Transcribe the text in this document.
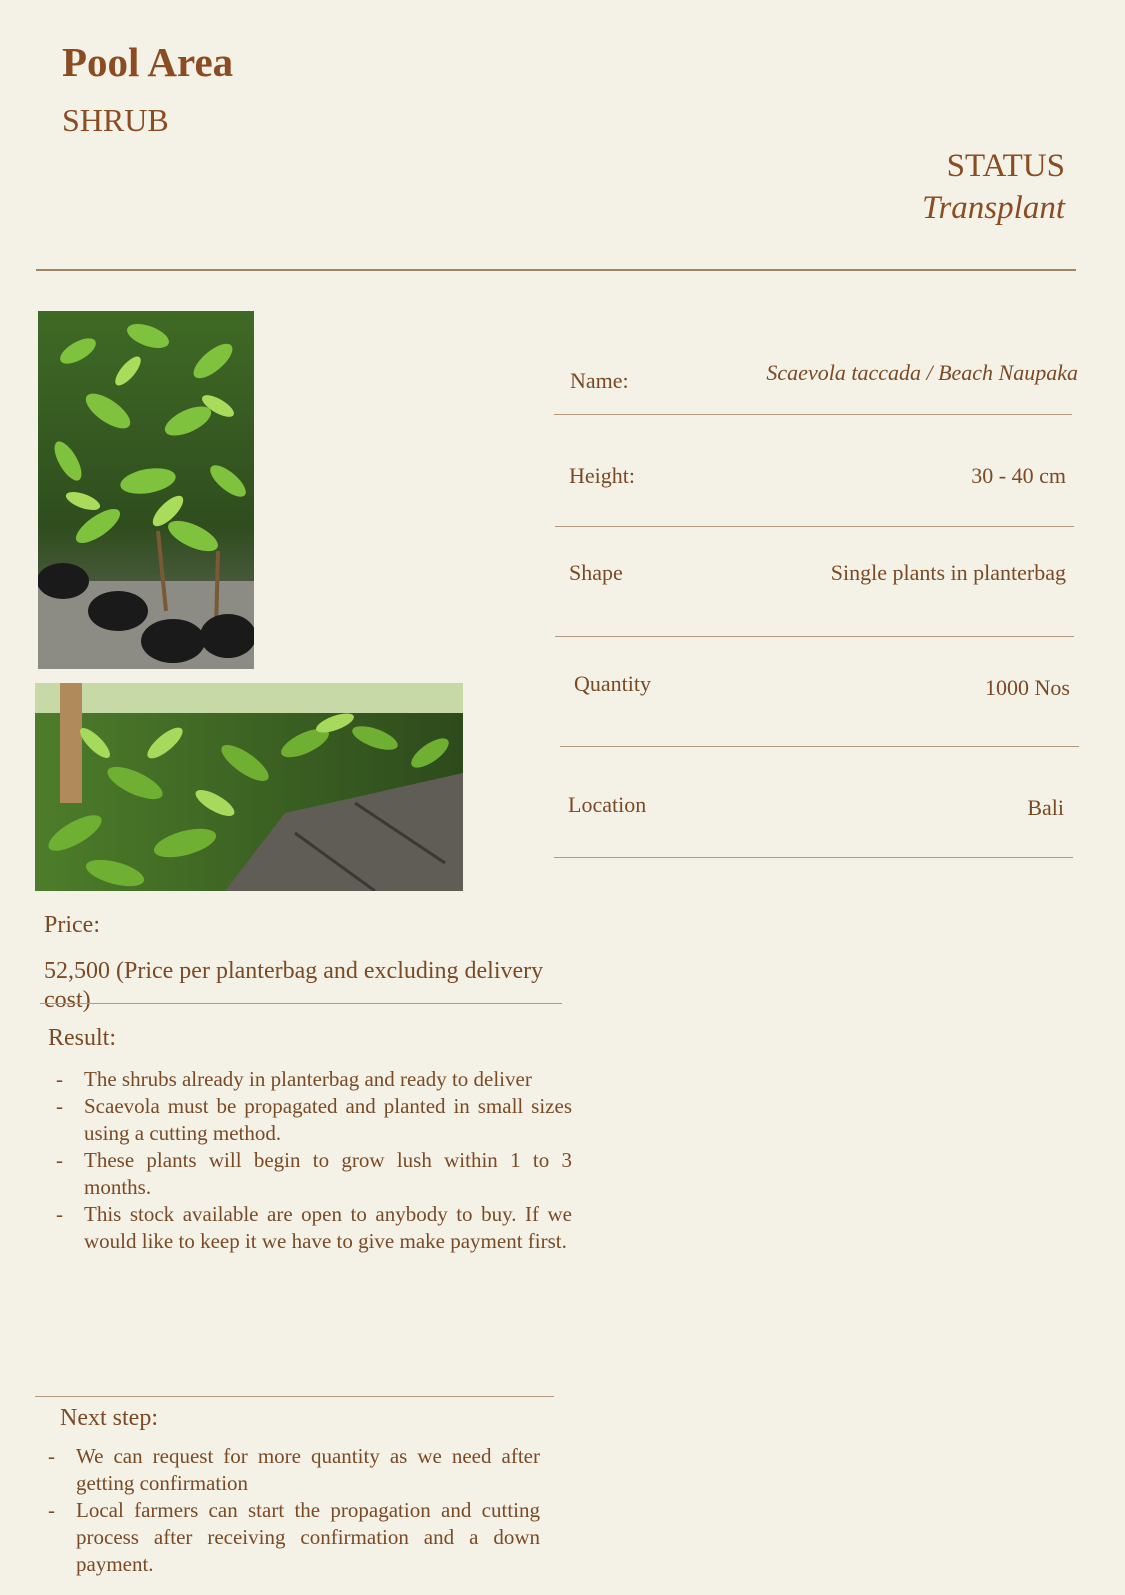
Pool Area
SHRUB
STATUS
Transplant
Name:	Scaevola taccada / Beach Naupaka
Height:	30 - 40 cm
Shape	Single plants in planterbag
Quantity	1000 Nos
Location	Bali
Price:
52,500 (Price per planterbag and excluding delivery cost)
Result:
- The shrubs already in planterbag and ready to deliver
- Scaevola must be propagated and planted in small sizes using a cutting method.
- These plants will begin to grow lush within 1 to 3 months.
- This stock available are open to anybody to buy. If we would like to keep it we have to give make payment first.
Next step:
- We can request for more quantity as we need after getting confirmation
- Local farmers can start the propagation and cutting process after receiving confirmation and a down payment.
